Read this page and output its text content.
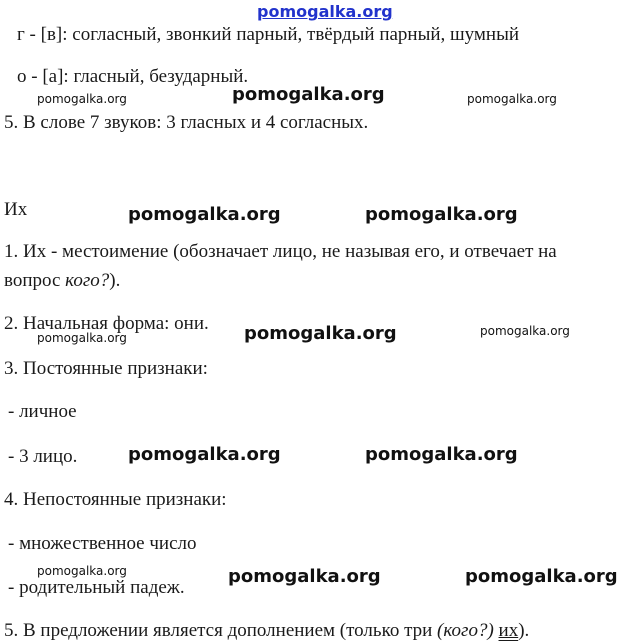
pomogalka.org
г - [в]: согласный, звонкий парный, твёрдый парный, шумный
о - [а]: гласный, безударный.
5. В слове 7 звуков: 3 гласных и 4 согласных.
Их
1. Их - местоимение (обозначает лицо, не называя его, и отвечает на
вопрос кого?).
2. Начальная форма: они.
3. Постоянные признаки:
- личное
- 3 лицо.
4. Непостоянные признаки:
- множественное число
- родительный падеж.
5. В предложении является дополнением (только три (кого?) их).
pomogalka.org	pomogalka.org	pomogalka.org
pomogalka.org	pomogalka.org
pomogalka.org	pomogalka.org
pomogalka.org
pomogalka.org	pomogalka.org
pomogalka.org	pomogalka.org	pomogalka.org
